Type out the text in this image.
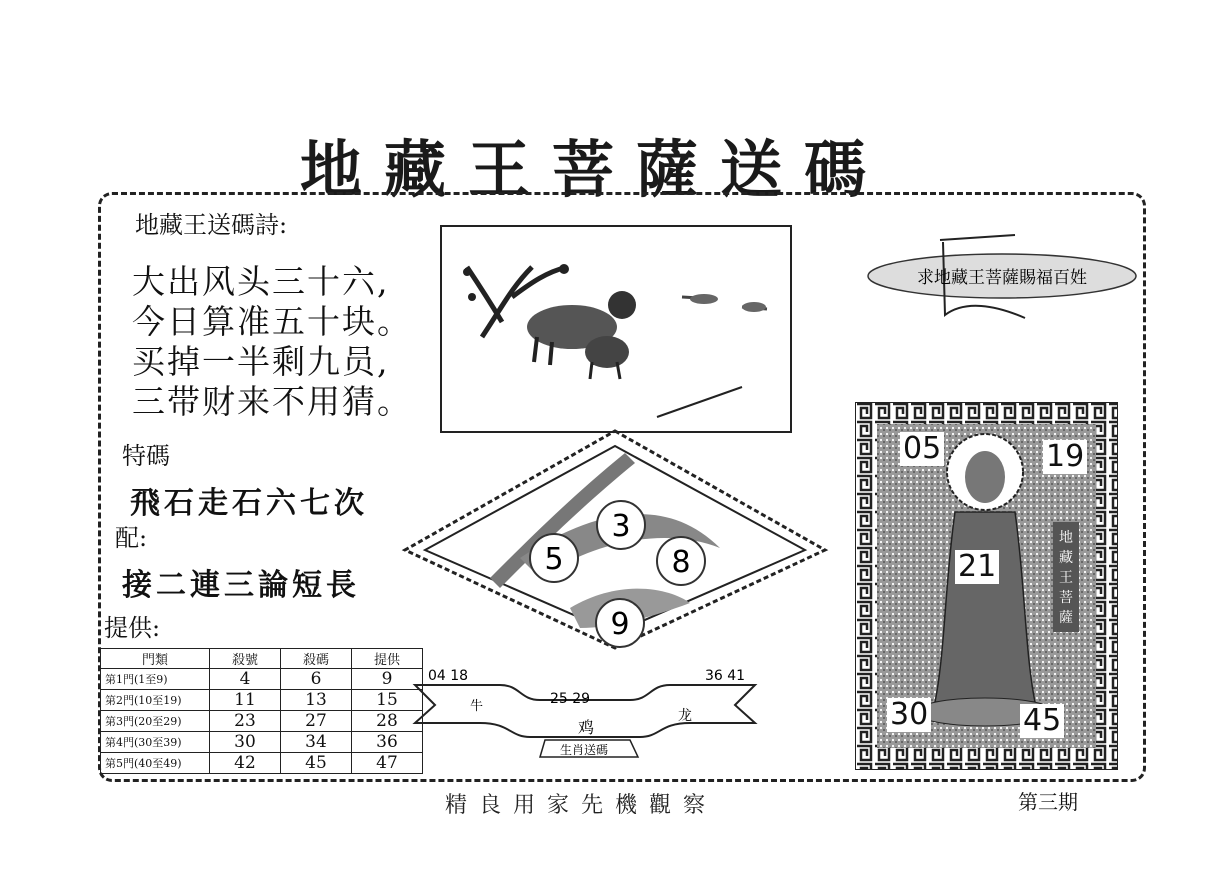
地藏王菩薩送碼
地藏王送碼詩:
大出风头三十六,
今日算准五十块。
买掉一半剩九员,
三带财来不用猜。
特碼
飛石走石六七次
配:
接二連三論短長
提供:
門類	殺號	殺碼	提供
第1門(1至9)	4	6	9
第2門(10至19)	11	13	15
第3門(20至29)	23	27	28
第4門(30至39)	30	34	36
第5門(40至49)	42	45	47
3
5	8
9
04 18	36 41
25 29
牛
龙
鸡
生肖送碼
求地藏王菩薩賜福百姓
地 藏 王 菩 薩
05	19
21
30	45
精良用家先機觀察	第三期
